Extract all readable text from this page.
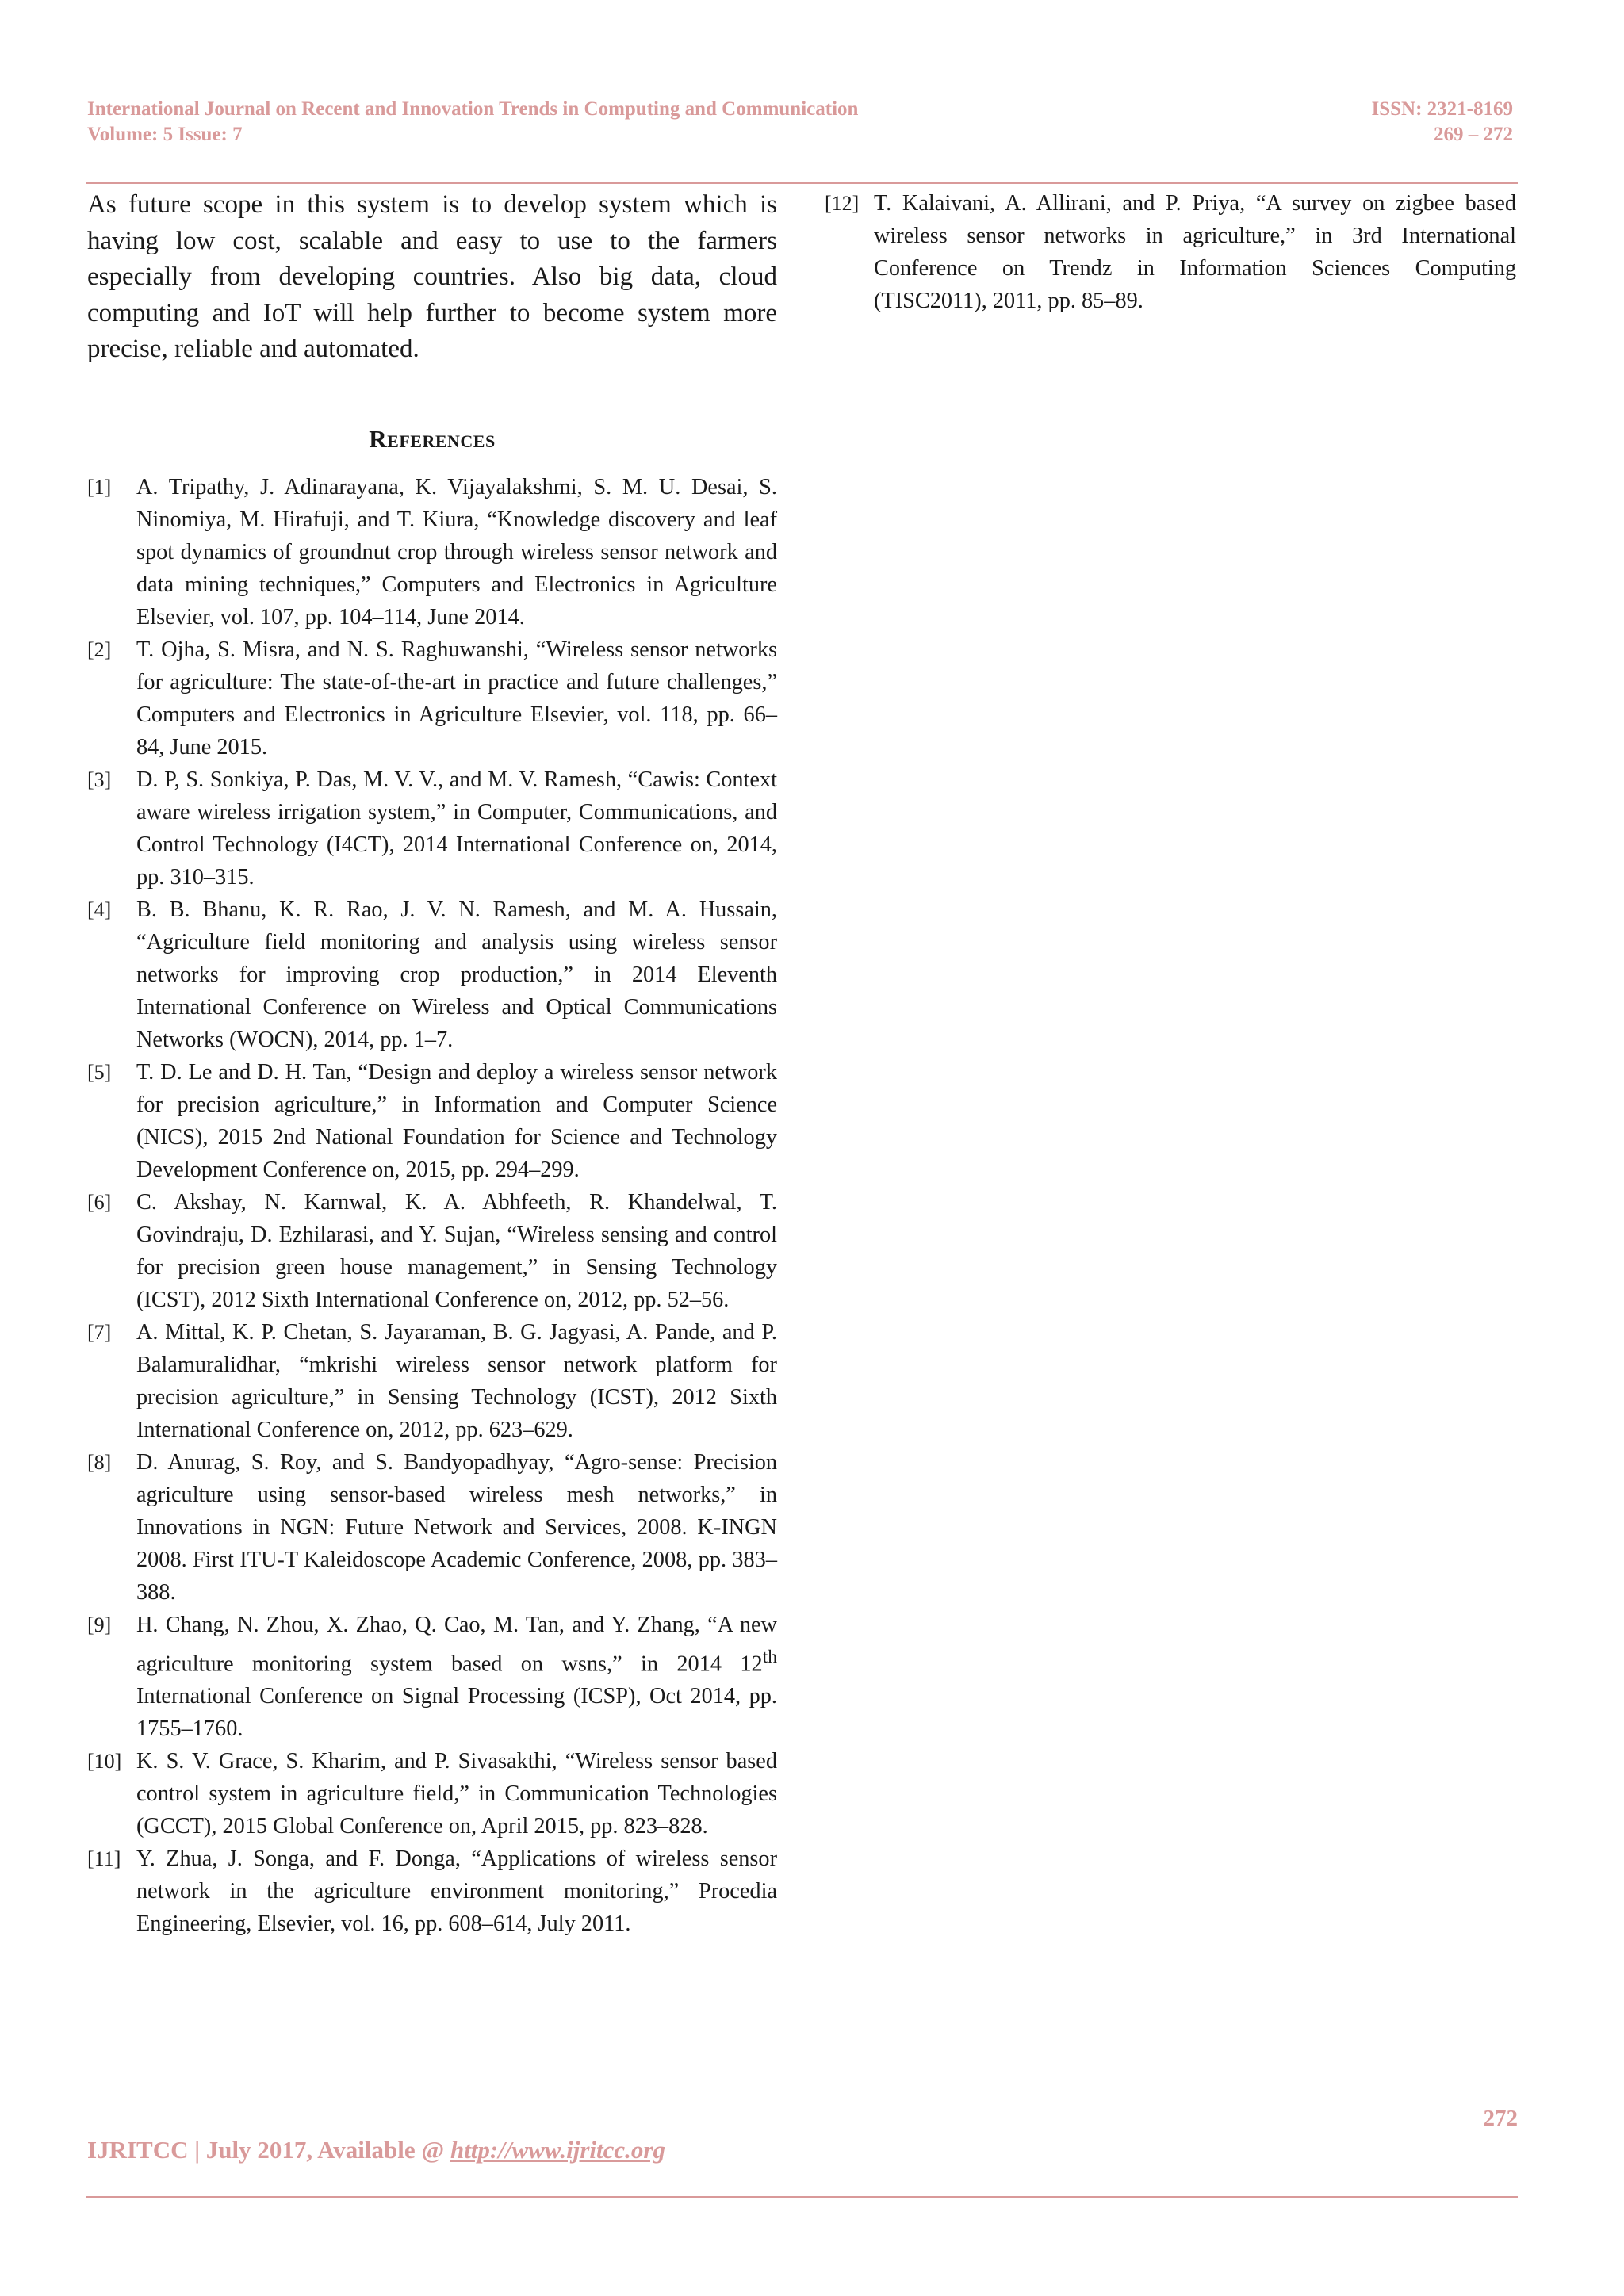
International Journal on Recent and Innovation Trends in Computing and Communication	ISSN: 2321-8169
Volume: 5 Issue: 7	269 – 272

As future scope in this system is to develop system which is having low cost, scalable and easy to use to the farmers especially from developing countries. Also big data, cloud computing and IoT will help further to become system more precise, reliable and automated.

References
[1]	A. Tripathy, J. Adinarayana, K. Vijayalakshmi, S. M. U. Desai, S. Ninomiya, M. Hirafuji, and T. Kiura, “Knowledge discovery and leaf spot dynamics of groundnut crop through wireless sensor network and data mining techniques,” Computers and Electronics in Agriculture Elsevier, vol. 107, pp. 104–114, June 2014.
[2]	T. Ojha, S. Misra, and N. S. Raghuwanshi, “Wireless sensor networks for agriculture: The state-of-the-art in practice and future challenges,” Computers and Electronics in Agriculture Elsevier, vol. 118, pp. 66–84, June 2015.
[3]	D. P, S. Sonkiya, P. Das, M. V. V., and M. V. Ramesh, “Cawis: Context aware wireless irrigation system,” in Computer, Communications, and Control Technology (I4CT), 2014 International Conference on, 2014, pp. 310–315.
[4]	B. B. Bhanu, K. R. Rao, J. V. N. Ramesh, and M. A. Hussain, “Agriculture field monitoring and analysis using wireless sensor networks for improving crop production,” in 2014 Eleventh International Conference on Wireless and Optical Communications Networks (WOCN), 2014, pp. 1–7.
[5]	T. D. Le and D. H. Tan, “Design and deploy a wireless sensor network for precision agriculture,” in Information and Computer Science (NICS), 2015 2nd National Foundation for Science and Technology Development Conference on, 2015, pp. 294–299.
[6]	C. Akshay, N. Karnwal, K. A. Abhfeeth, R. Khandelwal, T. Govindraju, D. Ezhilarasi, and Y. Sujan, “Wireless sensing and control for precision green house management,” in Sensing Technology (ICST), 2012 Sixth International Conference on, 2012, pp. 52–56.
[7]	A. Mittal, K. P. Chetan, S. Jayaraman, B. G. Jagyasi, A. Pande, and P. Balamuralidhar, “mkrishi wireless sensor network platform for precision agriculture,” in Sensing Technology (ICST), 2012 Sixth International Conference on, 2012, pp. 623–629.
[8]	D. Anurag, S. Roy, and S. Bandyopadhyay, “Agro-sense: Precision agriculture using sensor-based wireless mesh networks,” in Innovations in NGN: Future Network and Services, 2008. K-INGN 2008. First ITU-T Kaleidoscope Academic Conference, 2008, pp. 383–388.
[9]	H. Chang, N. Zhou, X. Zhao, Q. Cao, M. Tan, and Y. Zhang, “A new agriculture monitoring system based on wsns,” in 2014 12th International Conference on Signal Processing (ICSP), Oct 2014, pp. 1755–1760.
[10] K. S. V. Grace, S. Kharim, and P. Sivasakthi, “Wireless sensor based control system in agriculture field,” in Communication Technologies (GCCT), 2015 Global Conference on, April 2015, pp. 823–828.
[11] Y. Zhua, J. Songa, and F. Donga, “Applications of wireless sensor network in the agriculture environment monitoring,” Procedia Engineering, Elsevier, vol. 16, pp. 608–614, July 2011.
[12] T. Kalaivani, A. Allirani, and P. Priya, “A survey on zigbee based wireless sensor networks in agriculture,” in 3rd International Conference on Trendz in Information Sciences Computing (TISC2011), 2011, pp. 85–89.
272
IJRITCC | July 2017, Available @ http://www.ijritcc.org
